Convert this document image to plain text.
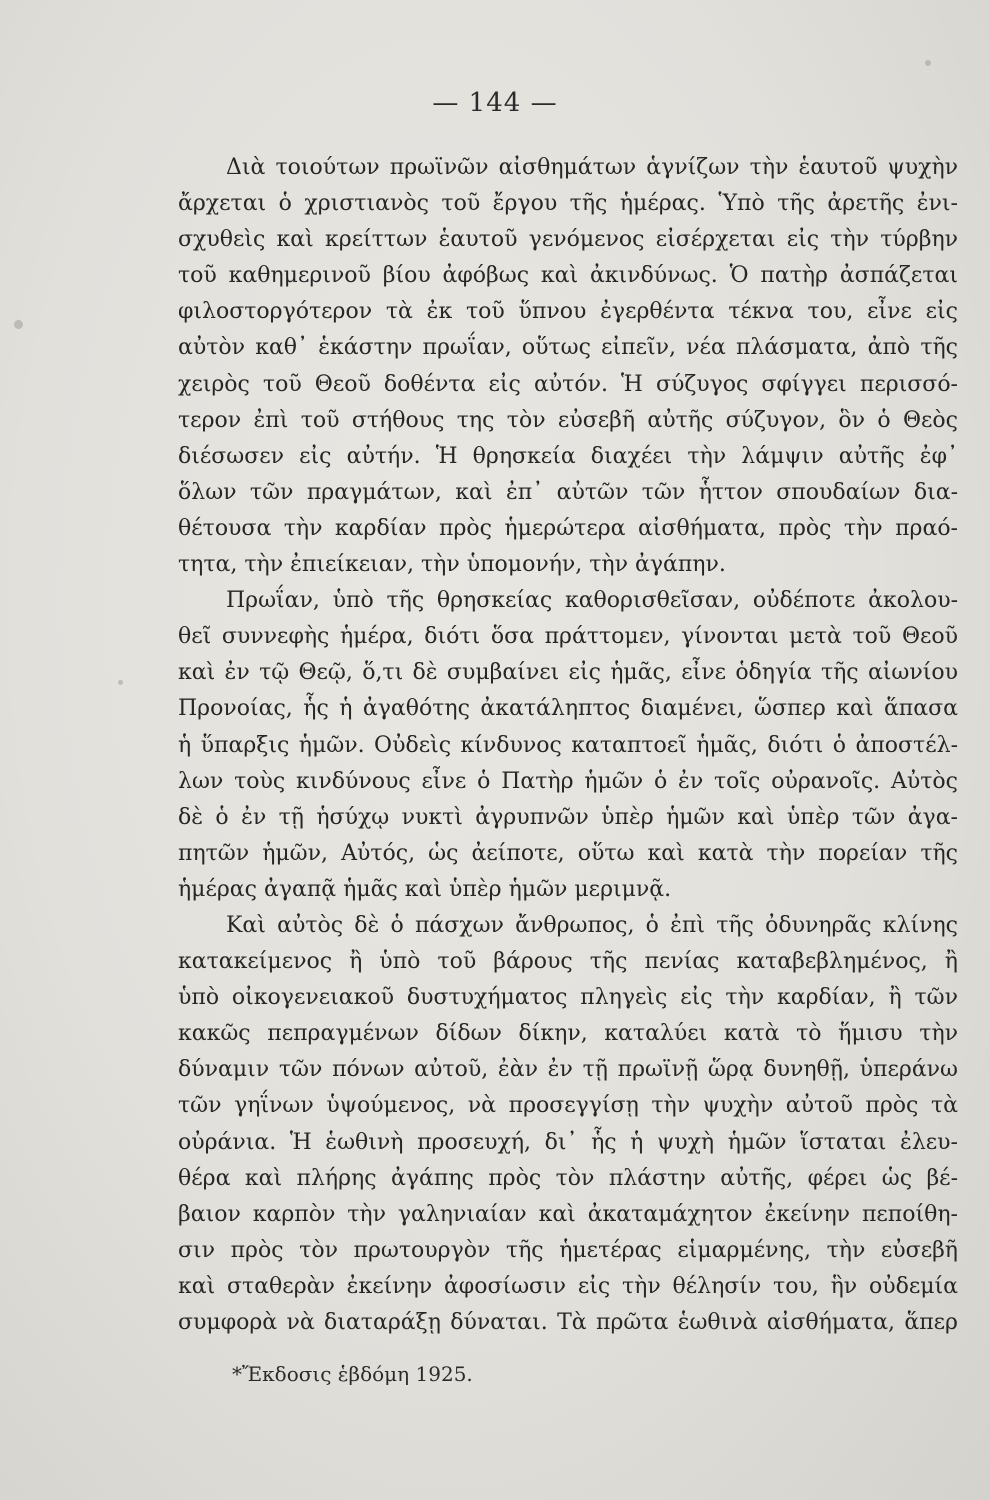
— 144 —
Διὰ τοιούτων πρωϊνῶν αἰσθημάτων ἁγνίζων τὴν ἑαυτοῦ ψυχὴν
ἄρχεται ὁ χριστιανὸς τοῦ ἔργου τῆς ἡμέρας. Ὑπὸ τῆς ἀρετῆς ἐνι-
σχυθεὶς καὶ κρείττων ἑαυτοῦ γενόμενος εἰσέρχεται εἰς τὴν τύρβην
τοῦ καθημερινοῦ βίου ἀφόβως καὶ ἀκινδύνως. Ὁ πατὴρ ἀσπάζεται
φιλοστοργότερον τὰ ἐκ τοῦ ὕπνου ἐγερθέντα τέκνα του, εἶνε εἰς
αὐτὸν καθ᾽ ἑκάστην πρωΐαν, οὕτως εἰπεῖν, νέα πλάσματα, ἀπὸ τῆς
χειρὸς τοῦ Θεοῦ δοθέντα εἰς αὐτόν. Ἡ σύζυγος σφίγγει περισσό-
τερον ἐπὶ τοῦ στήθους της τὸν εὐσεβῆ αὐτῆς σύζυγον, ὃν ὁ Θεὸς
διέσωσεν εἰς αὐτήν. Ἡ θρησκεία διαχέει τὴν λάμψιν αὐτῆς ἐφ᾽
ὅλων τῶν πραγμάτων, καὶ ἐπ᾽ αὐτῶν τῶν ἧττον σπουδαίων δια-
θέτουσα τὴν καρδίαν πρὸς ἡμερώτερα αἰσθήματα, πρὸς τὴν πραό-
τητα, τὴν ἐπιείκειαν, τὴν ὑπομονήν, τὴν ἀγάπην.
Πρωΐαν, ὑπὸ τῆς θρησκείας καθορισθεῖσαν, οὐδέποτε ἀκολου-
θεῖ συννεφὴς ἡμέρα, διότι ὅσα πράττομεν, γίνονται μετὰ τοῦ Θεοῦ
καὶ ἐν τῷ Θεῷ, ὅ,τι δὲ συμβαίνει εἰς ἡμᾶς, εἶνε ὁδηγία τῆς αἰωνίου
Προνοίας, ἧς ἡ ἀγαθότης ἀκατάληπτος διαμένει, ὥσπερ καὶ ἅπασα
ἡ ὕπαρξις ἡμῶν. Οὐδεὶς κίνδυνος καταπτοεῖ ἡμᾶς, διότι ὁ ἀποστέλ-
λων τοὺς κινδύνους εἶνε ὁ Πατὴρ ἡμῶν ὁ ἐν τοῖς οὐρανοῖς. Αὐτὸς
δὲ ὁ ἐν τῇ ἡσύχῳ νυκτὶ ἀγρυπνῶν ὑπὲρ ἡμῶν καὶ ὑπὲρ τῶν ἀγα-
πητῶν ἡμῶν, Αὐτός, ὡς ἀείποτε, οὕτω καὶ κατὰ τὴν πορείαν τῆς
ἡμέρας ἀγαπᾷ ἡμᾶς καὶ ὑπὲρ ἡμῶν μεριμνᾷ.
Καὶ αὐτὸς δὲ ὁ πάσχων ἄνθρωπος, ὁ ἐπὶ τῆς ὀδυνηρᾶς κλίνης
κατακείμενος ἢ ὑπὸ τοῦ βάρους τῆς πενίας καταβεβλημένος, ἢ
ὑπὸ οἰκογενειακοῦ δυστυχήματος πληγεὶς εἰς τὴν καρδίαν, ἢ τῶν
κακῶς πεπραγμένων δίδων δίκην, καταλύει κατὰ τὸ ἥμισυ τὴν
δύναμιν τῶν πόνων αὐτοῦ, ἐὰν ἐν τῇ πρωϊνῇ ὥρᾳ δυνηθῇ, ὑπεράνω
τῶν γηΐνων ὑψούμενος, νὰ προσεγγίσῃ τὴν ψυχὴν αὐτοῦ πρὸς τὰ
οὐράνια. Ἡ ἑωθινὴ προσευχή, δι᾽ ἧς ἡ ψυχὴ ἡμῶν ἵσταται ἐλευ-
θέρα καὶ πλήρης ἀγάπης πρὸς τὸν πλάστην αὐτῆς, φέρει ὡς βέ-
βαιον καρπὸν τὴν γαληνιαίαν καὶ ἀκαταμάχητον ἐκείνην πεποίθη-
σιν πρὸς τὸν πρωτουργὸν τῆς ἡμετέρας εἱμαρμένης, τὴν εὐσεβῆ
καὶ σταθερὰν ἐκείνην ἀφοσίωσιν εἰς τὴν θέλησίν του, ἣν οὐδεμία
συμφορὰ νὰ διαταράξῃ δύναται. Τὰ πρῶτα ἑωθινὰ αἰσθήματα, ἅπερ
*Ἔκδοσις ἑβδόμη 1925.
